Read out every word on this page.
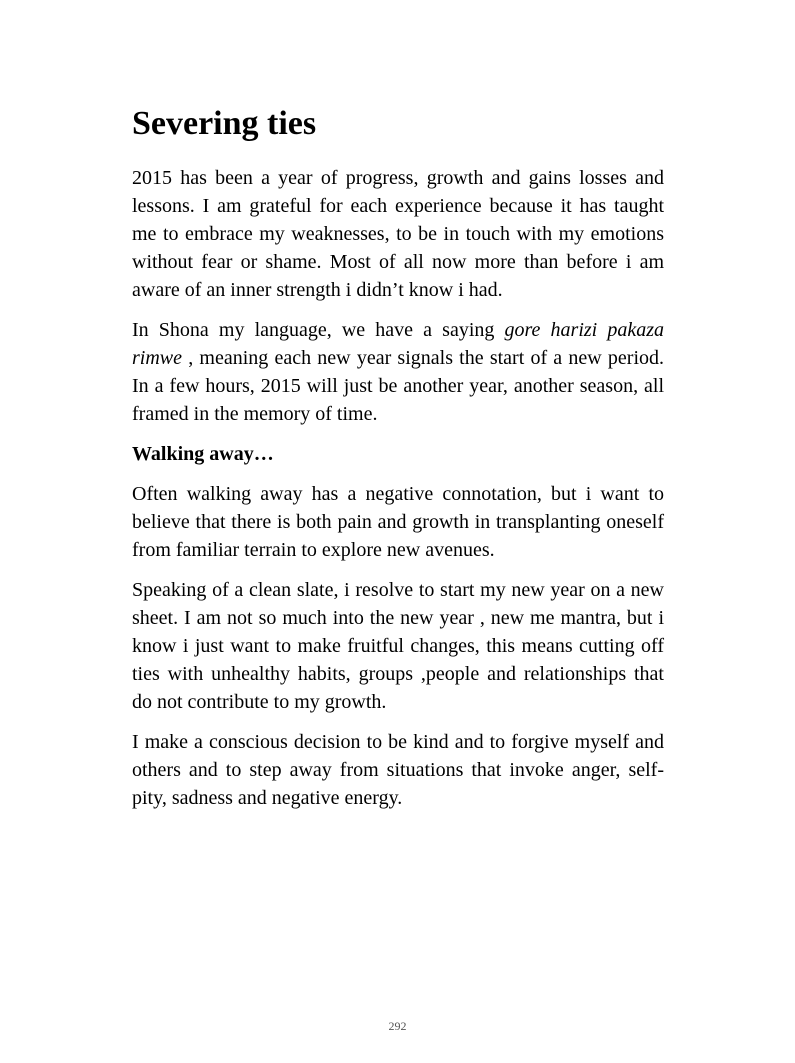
Severing ties

2015 has been a year of progress, growth and gains losses and lessons. I am grateful for each experience because it has taught me to embrace my weaknesses, to be in touch with my emotions without fear or shame. Most of all now more than before i am aware of an inner strength i didn’t know i had.

In Shona my language, we have a saying gore harizi pakaza rimwe , meaning each new year signals the start of a new period. In a few hours, 2015 will just be another year, another season, all framed in the memory of time.

Walking away…

Often walking away has a negative connotation, but i want to believe that there is both pain and growth in transplanting oneself from familiar terrain to explore new avenues.

Speaking of a clean slate, i resolve to start my new year on a new sheet. I am not so much into the new year , new me mantra, but i know i just want to make fruitful changes, this means cutting off ties with unhealthy habits, groups ,people and relationships that do not contribute to my growth.

I make a conscious decision to be kind and to forgive myself and others and to step away from situations that invoke anger, self-pity, sadness and negative energy.

292
